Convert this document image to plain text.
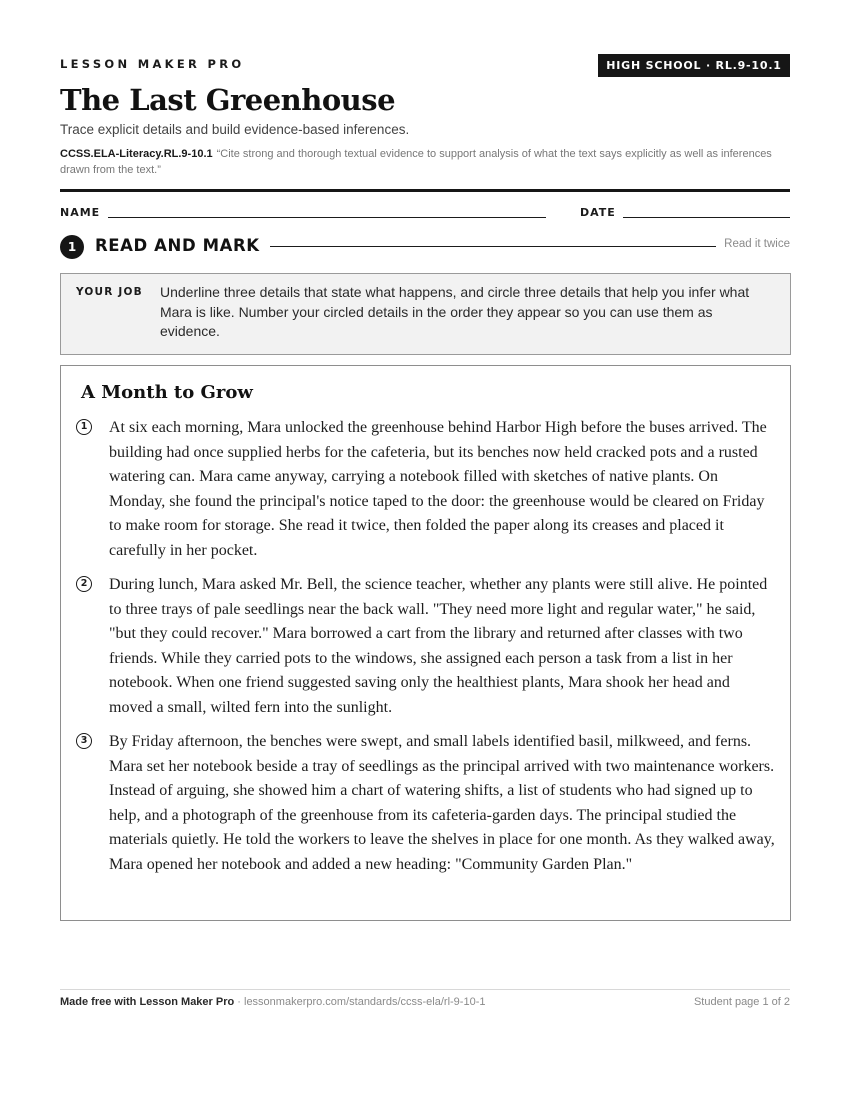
LESSON MAKER PRO	HIGH SCHOOL · RL.9-10.1
The Last Greenhouse
Trace explicit details and build evidence-based inferences.
CCSS.ELA-Literacy.RL.9-10.1 “Cite strong and thorough textual evidence to support analysis of what the text says explicitly as well as inferences drawn from the text.”
NAME	DATE
1	READ AND MARK	Read it twice
YOUR JOB Underline three details that state what happens, and circle three details that help you infer what Mara is like. Number your circled details in the order they appear so you can use them as evidence.
A Month to Grow
1 At six each morning, Mara unlocked the greenhouse behind Harbor High before the buses arrived. The building had once supplied herbs for the cafeteria, but its benches now held cracked pots and a rusted watering can. Mara came anyway, carrying a notebook filled with sketches of native plants. On Monday, she found the principal's notice taped to the door: the greenhouse would be cleared on Friday to make room for storage. She read it twice, then folded the paper along its creases and placed it carefully in her pocket.

2 During lunch, Mara asked Mr. Bell, the science teacher, whether any plants were still alive. He pointed to three trays of pale seedlings near the back wall. "They need more light and regular water," he said, "but they could recover." Mara borrowed a cart from the library and returned after classes with two friends. While they carried pots to the windows, she assigned each person a task from a list in her notebook. When one friend suggested saving only the healthiest plants, Mara shook her head and moved a small, wilted fern into the sunlight.

3 By Friday afternoon, the benches were swept, and small labels identified basil, milkweed, and ferns. Mara set her notebook beside a tray of seedlings as the principal arrived with two maintenance workers. Instead of arguing, she showed him a chart of watering shifts, a list of students who had signed up to help, and a photograph of the greenhouse from its cafeteria-garden days. The principal studied the materials quietly. He told the workers to leave the shelves in place for one month. As they walked away, Mara opened her notebook and added a new heading: "Community Garden Plan."

Made free with Lesson Maker Pro · lessonmakerpro.com/standards/ccss-ela/rl-9-10-1	Student page 1 of 2
